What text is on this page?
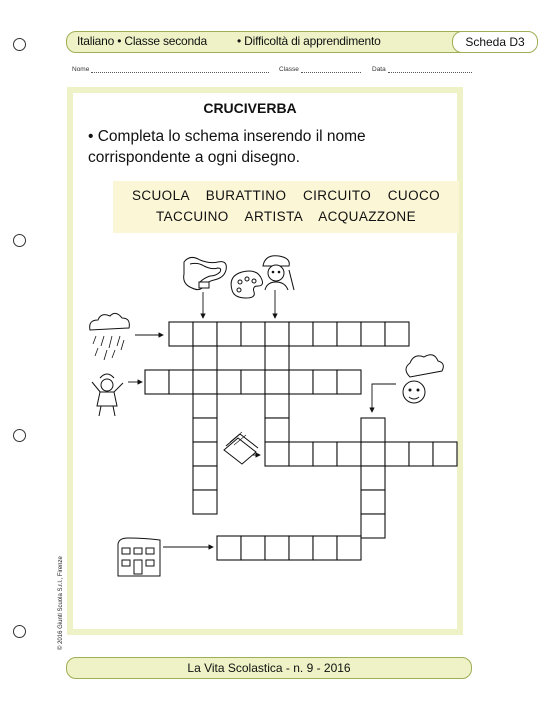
Italiano • Classe seconda	• Difficoltà di apprendimento	Scheda D3
Nome	Classe	Data
CRUCIVERBA
• Completa lo schema inserendo il nome corrispondente a ogni disegno.
SCUOLA    BURATTINO    CIRCUITO    CUOCO
TACCUINO    ARTISTA    ACQUAZZONE
© 2016 Giunti Scuola S.r.l., Firenze
La Vita Scolastica - n. 9 - 2016
